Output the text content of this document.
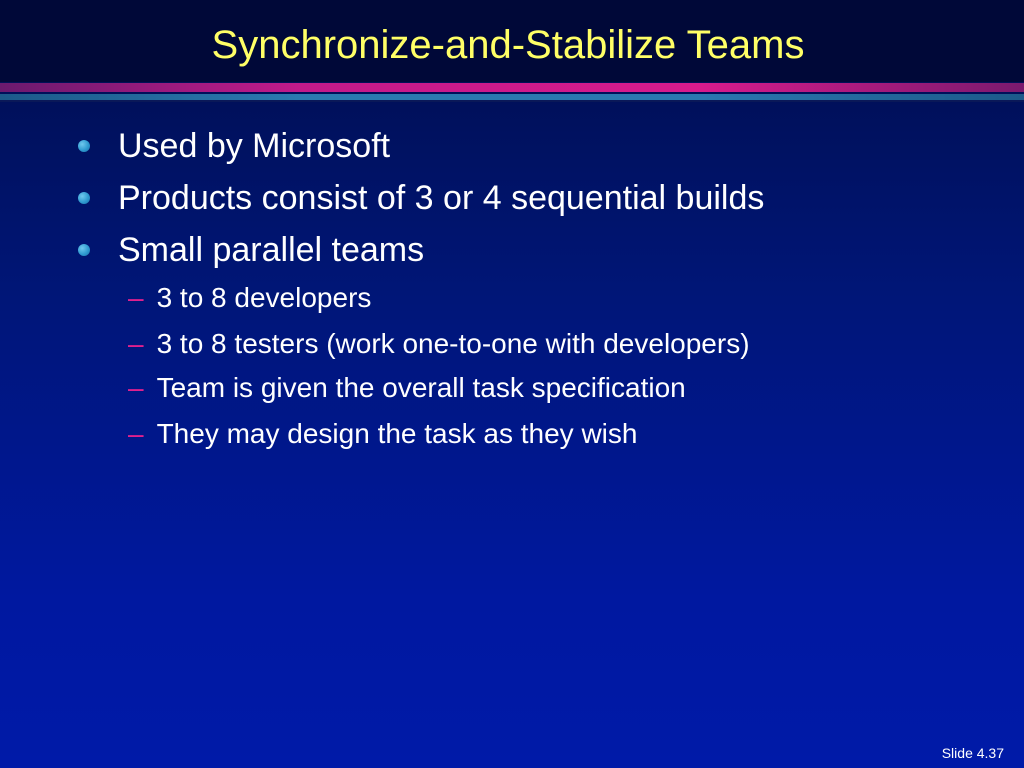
Synchronize-and-Stabilize Teams
Used by Microsoft
Products consist of 3 or 4 sequential builds
Small parallel teams
– 3 to 8 developers
– 3 to 8 testers (work one-to-one with developers)
– Team is given the overall task specification
– They may design the task as they wish
Slide 4.37
